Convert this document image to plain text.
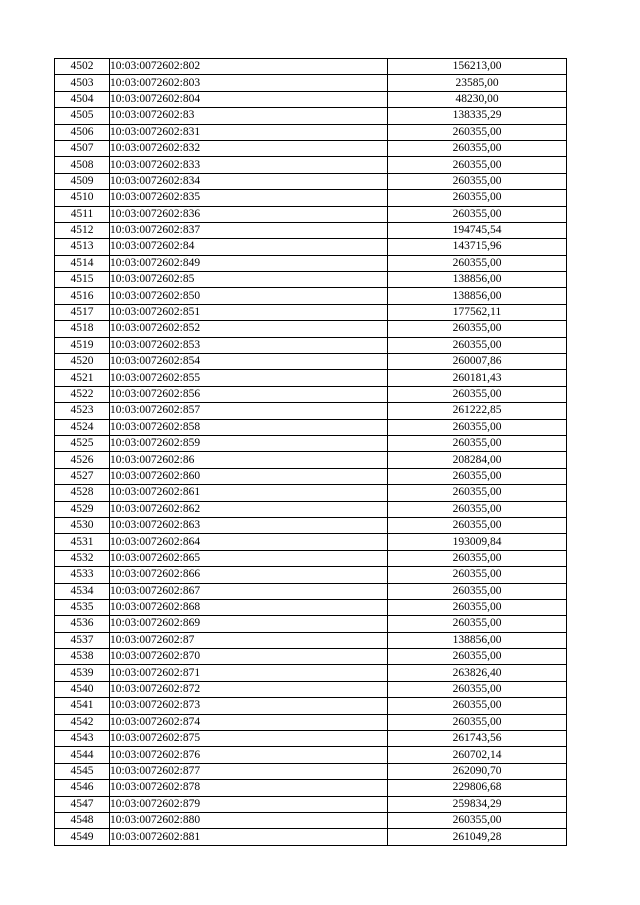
4502	10:03:0072602:802	156213,00
4503	10:03:0072602:803	23585,00
4504	10:03:0072602:804	48230,00
4505	10:03:0072602:83	138335,29
4506	10:03:0072602:831	260355,00
4507	10:03:0072602:832	260355,00
4508	10:03:0072602:833	260355,00
4509	10:03:0072602:834	260355,00
4510	10:03:0072602:835	260355,00
4511	10:03:0072602:836	260355,00
4512	10:03:0072602:837	194745,54
4513	10:03:0072602:84	143715,96
4514	10:03:0072602:849	260355,00
4515	10:03:0072602:85	138856,00
4516	10:03:0072602:850	138856,00
4517	10:03:0072602:851	177562,11
4518	10:03:0072602:852	260355,00
4519	10:03:0072602:853	260355,00
4520	10:03:0072602:854	260007,86
4521	10:03:0072602:855	260181,43
4522	10:03:0072602:856	260355,00
4523	10:03:0072602:857	261222,85
4524	10:03:0072602:858	260355,00
4525	10:03:0072602:859	260355,00
4526	10:03:0072602:86	208284,00
4527	10:03:0072602:860	260355,00
4528	10:03:0072602:861	260355,00
4529	10:03:0072602:862	260355,00
4530	10:03:0072602:863	260355,00
4531	10:03:0072602:864	193009,84
4532	10:03:0072602:865	260355,00
4533	10:03:0072602:866	260355,00
4534	10:03:0072602:867	260355,00
4535	10:03:0072602:868	260355,00
4536	10:03:0072602:869	260355,00
4537	10:03:0072602:87	138856,00
4538	10:03:0072602:870	260355,00
4539	10:03:0072602:871	263826,40
4540	10:03:0072602:872	260355,00
4541	10:03:0072602:873	260355,00
4542	10:03:0072602:874	260355,00
4543	10:03:0072602:875	261743,56
4544	10:03:0072602:876	260702,14
4545	10:03:0072602:877	262090,70
4546	10:03:0072602:878	229806,68
4547	10:03:0072602:879	259834,29
4548	10:03:0072602:880	260355,00
4549	10:03:0072602:881	261049,28
